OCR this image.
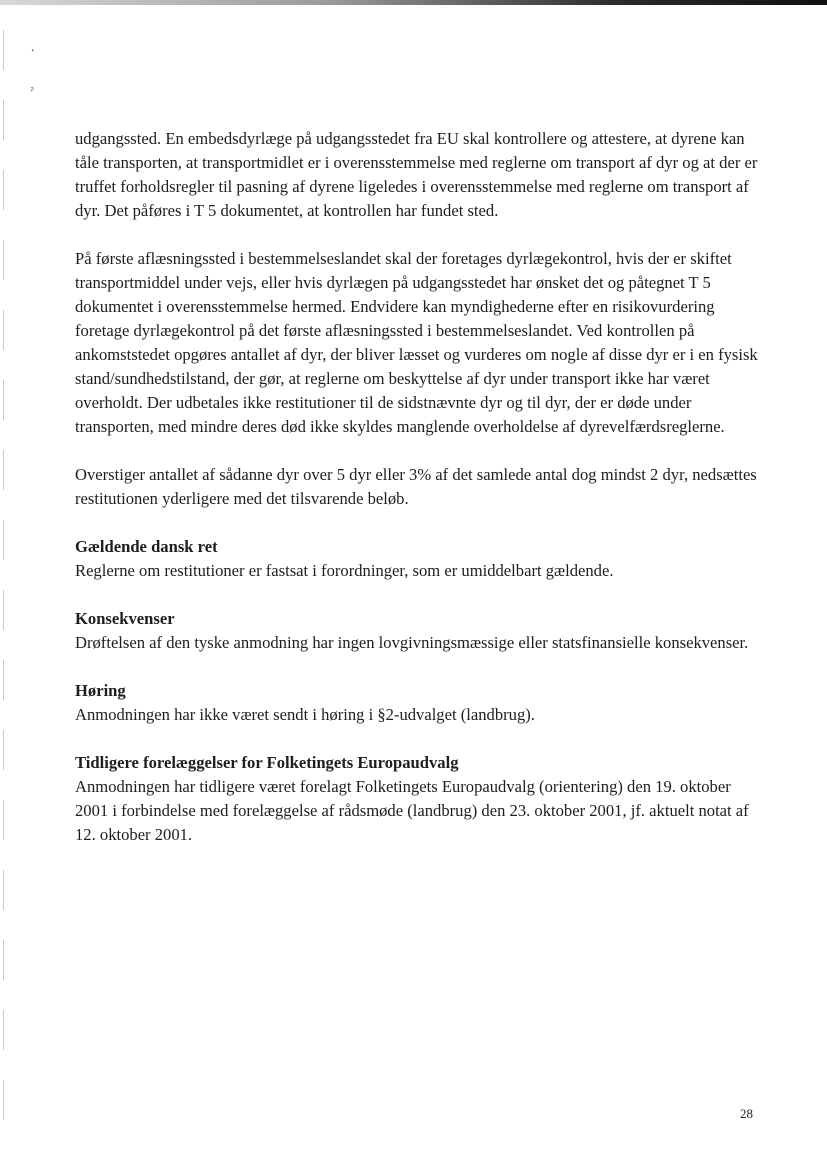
˛
ˀ

udgangssted. En embedsdyrlæge på udgangsstedet fra EU skal kontrollere og attestere, at dyrene kan tåle transporten, at transportmidlet er i overensstemmelse med reglerne om transport af dyr og at der er truffet forholdsregler til pasning af dyrene ligeledes i overensstemmelse med reglerne om transport af dyr. Det påføres i T 5 dokumentet, at kontrollen har fundet sted.

På første aflæsningssted i bestemmelseslandet skal der foretages dyrlægekontrol, hvis der er skiftet transportmiddel under vejs, eller hvis dyrlægen på udgangsstedet har ønsket det og påtegnet T 5 dokumentet i overensstemmelse hermed. Endvidere kan myndighederne efter en risikovurdering foretage dyrlægekontrol på det første aflæsningssted i bestemmelseslandet. Ved kontrollen på ankomststedet opgøres antallet af dyr, der bliver læsset og vurderes om nogle af disse dyr er i en fysisk stand/sundhedstilstand, der gør, at reglerne om beskyttelse af dyr under transport ikke har været overholdt. Der udbetales ikke restitutioner til de sidstnævnte dyr og til dyr, der er døde under transporten, med mindre deres død ikke skyldes manglende overholdelse af dyrevelfærdsreglerne.

Overstiger antallet af sådanne dyr over 5 dyr eller 3% af det samlede antal dog mindst 2 dyr, nedsættes restitutionen yderligere med det tilsvarende beløb.

Gældende dansk ret

Reglerne om restitutioner er fastsat i forordninger, som er umiddelbart gældende.

Konsekvenser

Drøftelsen af den tyske anmodning har ingen lovgivningsmæssige eller statsfinansielle konsekvenser.

Høring

Anmodningen har ikke været sendt i høring i §2-udvalget (landbrug).

Tidligere forelæggelser for Folketingets Europaudvalg

Anmodningen har tidligere været forelagt Folketingets Europaudvalg (orientering) den 19. oktober 2001 i forbindelse med forelæggelse af rådsmøde (landbrug) den 23. oktober 2001, jf. aktuelt notat af 12. oktober 2001.

28
